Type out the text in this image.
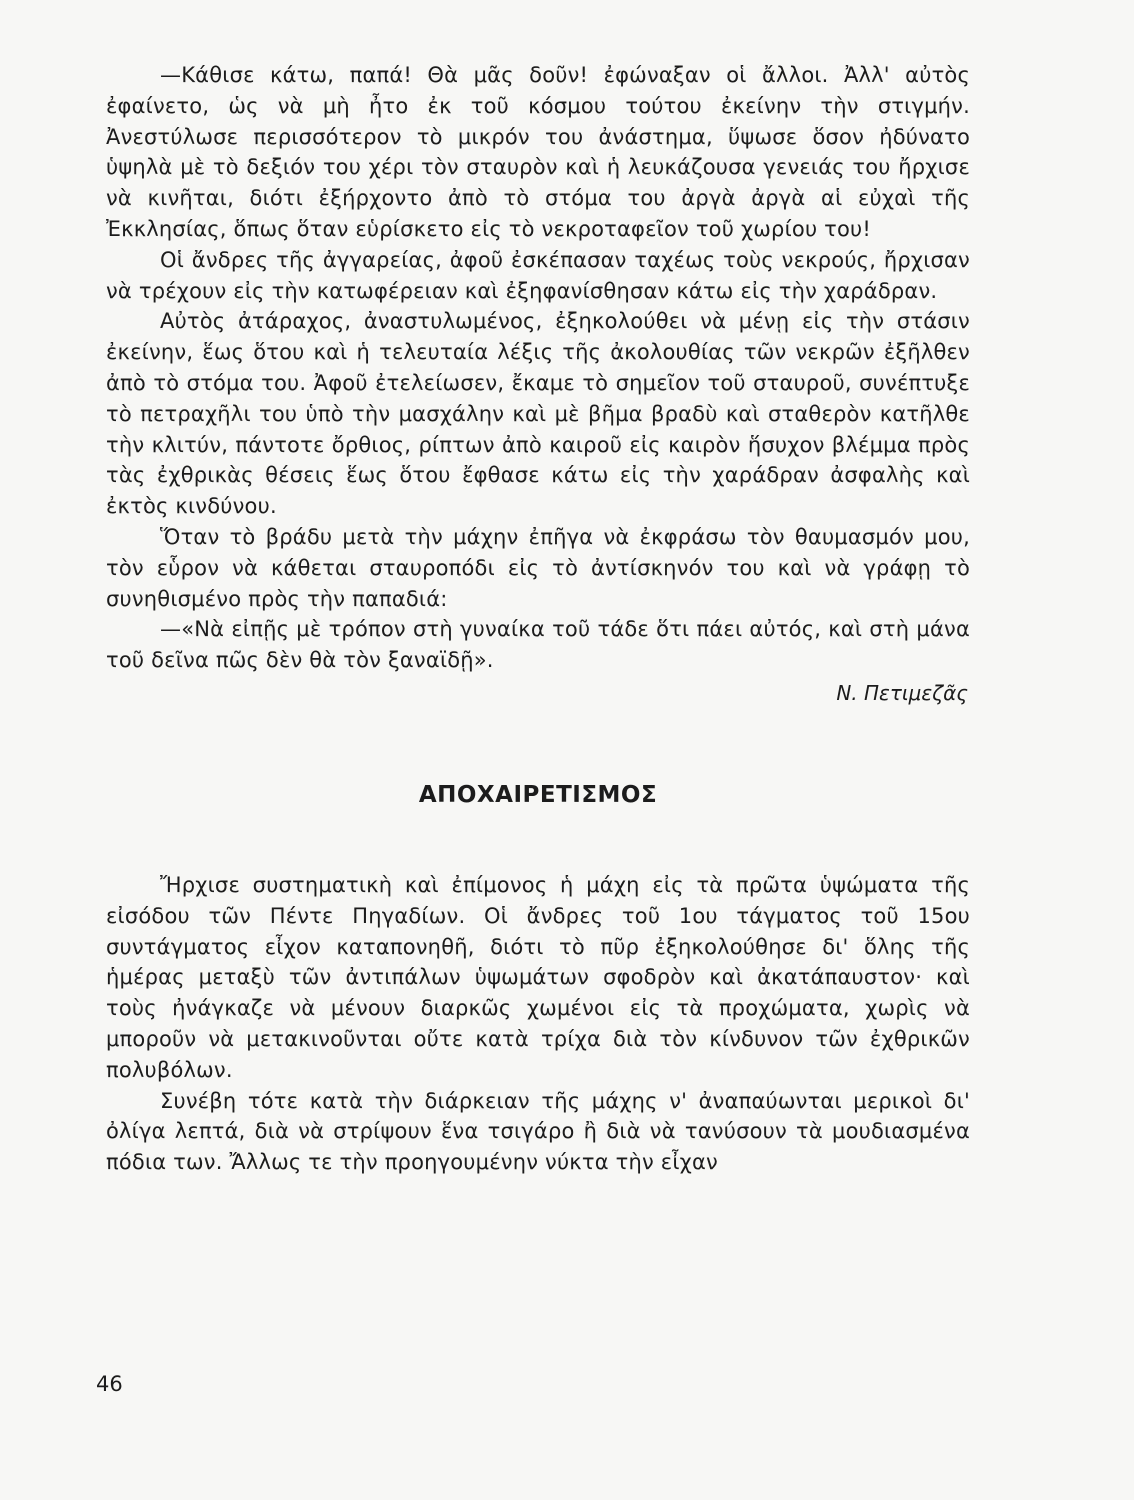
—Κάθισε κάτω, παπά! Θὰ μᾶς δοῦν! ἐφώναξαν οἱ ἄλλοι. Ἀλλ' αὐτὸς ἐφαίνετο, ὡς νὰ μὴ ἦτο ἐκ τοῦ κόσμου τούτου ἐκείνην τὴν στιγμήν. Ἀνεστύλωσε περισσότερον τὸ μικρόν του ἀνάστημα, ὕψωσε ὅσον ἠδύνατο ὑψηλὰ μὲ τὸ δεξιόν του χέρι τὸν σταυρὸν καὶ ἡ λευκάζουσα γενειάς του ἤρχισε νὰ κινῆται, διότι ἐξήρχοντο ἀπὸ τὸ στόμα του ἀργὰ ἀργὰ αἱ εὐχαὶ τῆς Ἐκκλησίας, ὅπως ὅταν εὑρίσκετο εἰς τὸ νεκροταφεῖον τοῦ χωρίου του!

Οἱ ἄνδρες τῆς ἀγγαρείας, ἀφοῦ ἐσκέπασαν ταχέως τοὺς νεκρούς, ἤρχισαν νὰ τρέχουν εἰς τὴν κατωφέρειαν καὶ ἐξηφανίσθησαν κάτω εἰς τὴν χαράδραν.

Αὐτὸς ἀτάραχος, ἀναστυλωμένος, ἐξηκολούθει νὰ μένῃ εἰς τὴν στάσιν ἐκείνην, ἕως ὅτου καὶ ἡ τελευταία λέξις τῆς ἀκολουθίας τῶν νεκρῶν ἐξῆλθεν ἀπὸ τὸ στόμα του. Ἀφοῦ ἐτελείωσεν, ἔκαμε τὸ σημεῖον τοῦ σταυροῦ, συνέπτυξε τὸ πετραχῆλι του ὑπὸ τὴν μασχάλην καὶ μὲ βῆμα βραδὺ καὶ σταθερὸν κατῆλθε τὴν κλιτύν, πάντοτε ὄρθιος, ρίπτων ἀπὸ καιροῦ εἰς καιρὸν ἥσυχον βλέμμα πρὸς τὰς ἐχθρικὰς θέσεις ἕως ὅτου ἔφθασε κάτω εἰς τὴν χαράδραν ἀσφαλὴς καὶ ἐκτὸς κινδύνου.

Ὅταν τὸ βράδυ μετὰ τὴν μάχην ἐπῆγα νὰ ἐκφράσω τὸν θαυμασμόν μου, τὸν εὗρον νὰ κάθεται σταυροπόδι εἰς τὸ ἀντίσκηνόν του καὶ νὰ γράφῃ τὸ συνηθισμένο πρὸς τὴν παπαδιά:

—«Νὰ εἰπῇς μὲ τρόπον στὴ γυναίκα τοῦ τάδε ὅτι πάει αὐτός, καὶ στὴ μάνα τοῦ δεῖνα πῶς δὲν θὰ τὸν ξαναϊδῇ».

Ν. Πετιμεζᾶς

ΑΠΟΧΑΙΡΕΤΙΣΜΟΣ

Ἤρχισε συστηματικὴ καὶ ἐπίμονος ἡ μάχη εἰς τὰ πρῶτα ὑψώματα τῆς εἰσόδου τῶν Πέντε Πηγαδίων. Οἱ ἄνδρες τοῦ 1ου τάγματος τοῦ 15ου συντάγματος εἶχον καταπονηθῆ, διότι τὸ πῦρ ἐξηκολούθησε δι' ὅλης τῆς ἡμέρας μεταξὺ τῶν ἀντιπάλων ὑψωμάτων σφοδρὸν καὶ ἀκατάπαυστον· καὶ τοὺς ἠνάγκαζε νὰ μένουν διαρκῶς χωμένοι εἰς τὰ προχώματα, χωρὶς νὰ μποροῦν νὰ μετακινοῦνται οὔτε κατὰ τρίχα διὰ τὸν κίνδυνον τῶν ἐχθρικῶν πολυβόλων.

Συνέβη τότε κατὰ τὴν διάρκειαν τῆς μάχης ν' ἀναπαύωνται μερικοὶ δι' ὀλίγα λεπτά, διὰ νὰ στρίψουν ἕνα τσιγάρο ἢ διὰ νὰ τανύσουν τὰ μουδιασμένα πόδια των. Ἄλλως τε τὴν προηγουμένην νύκτα τὴν εἶχαν

46
